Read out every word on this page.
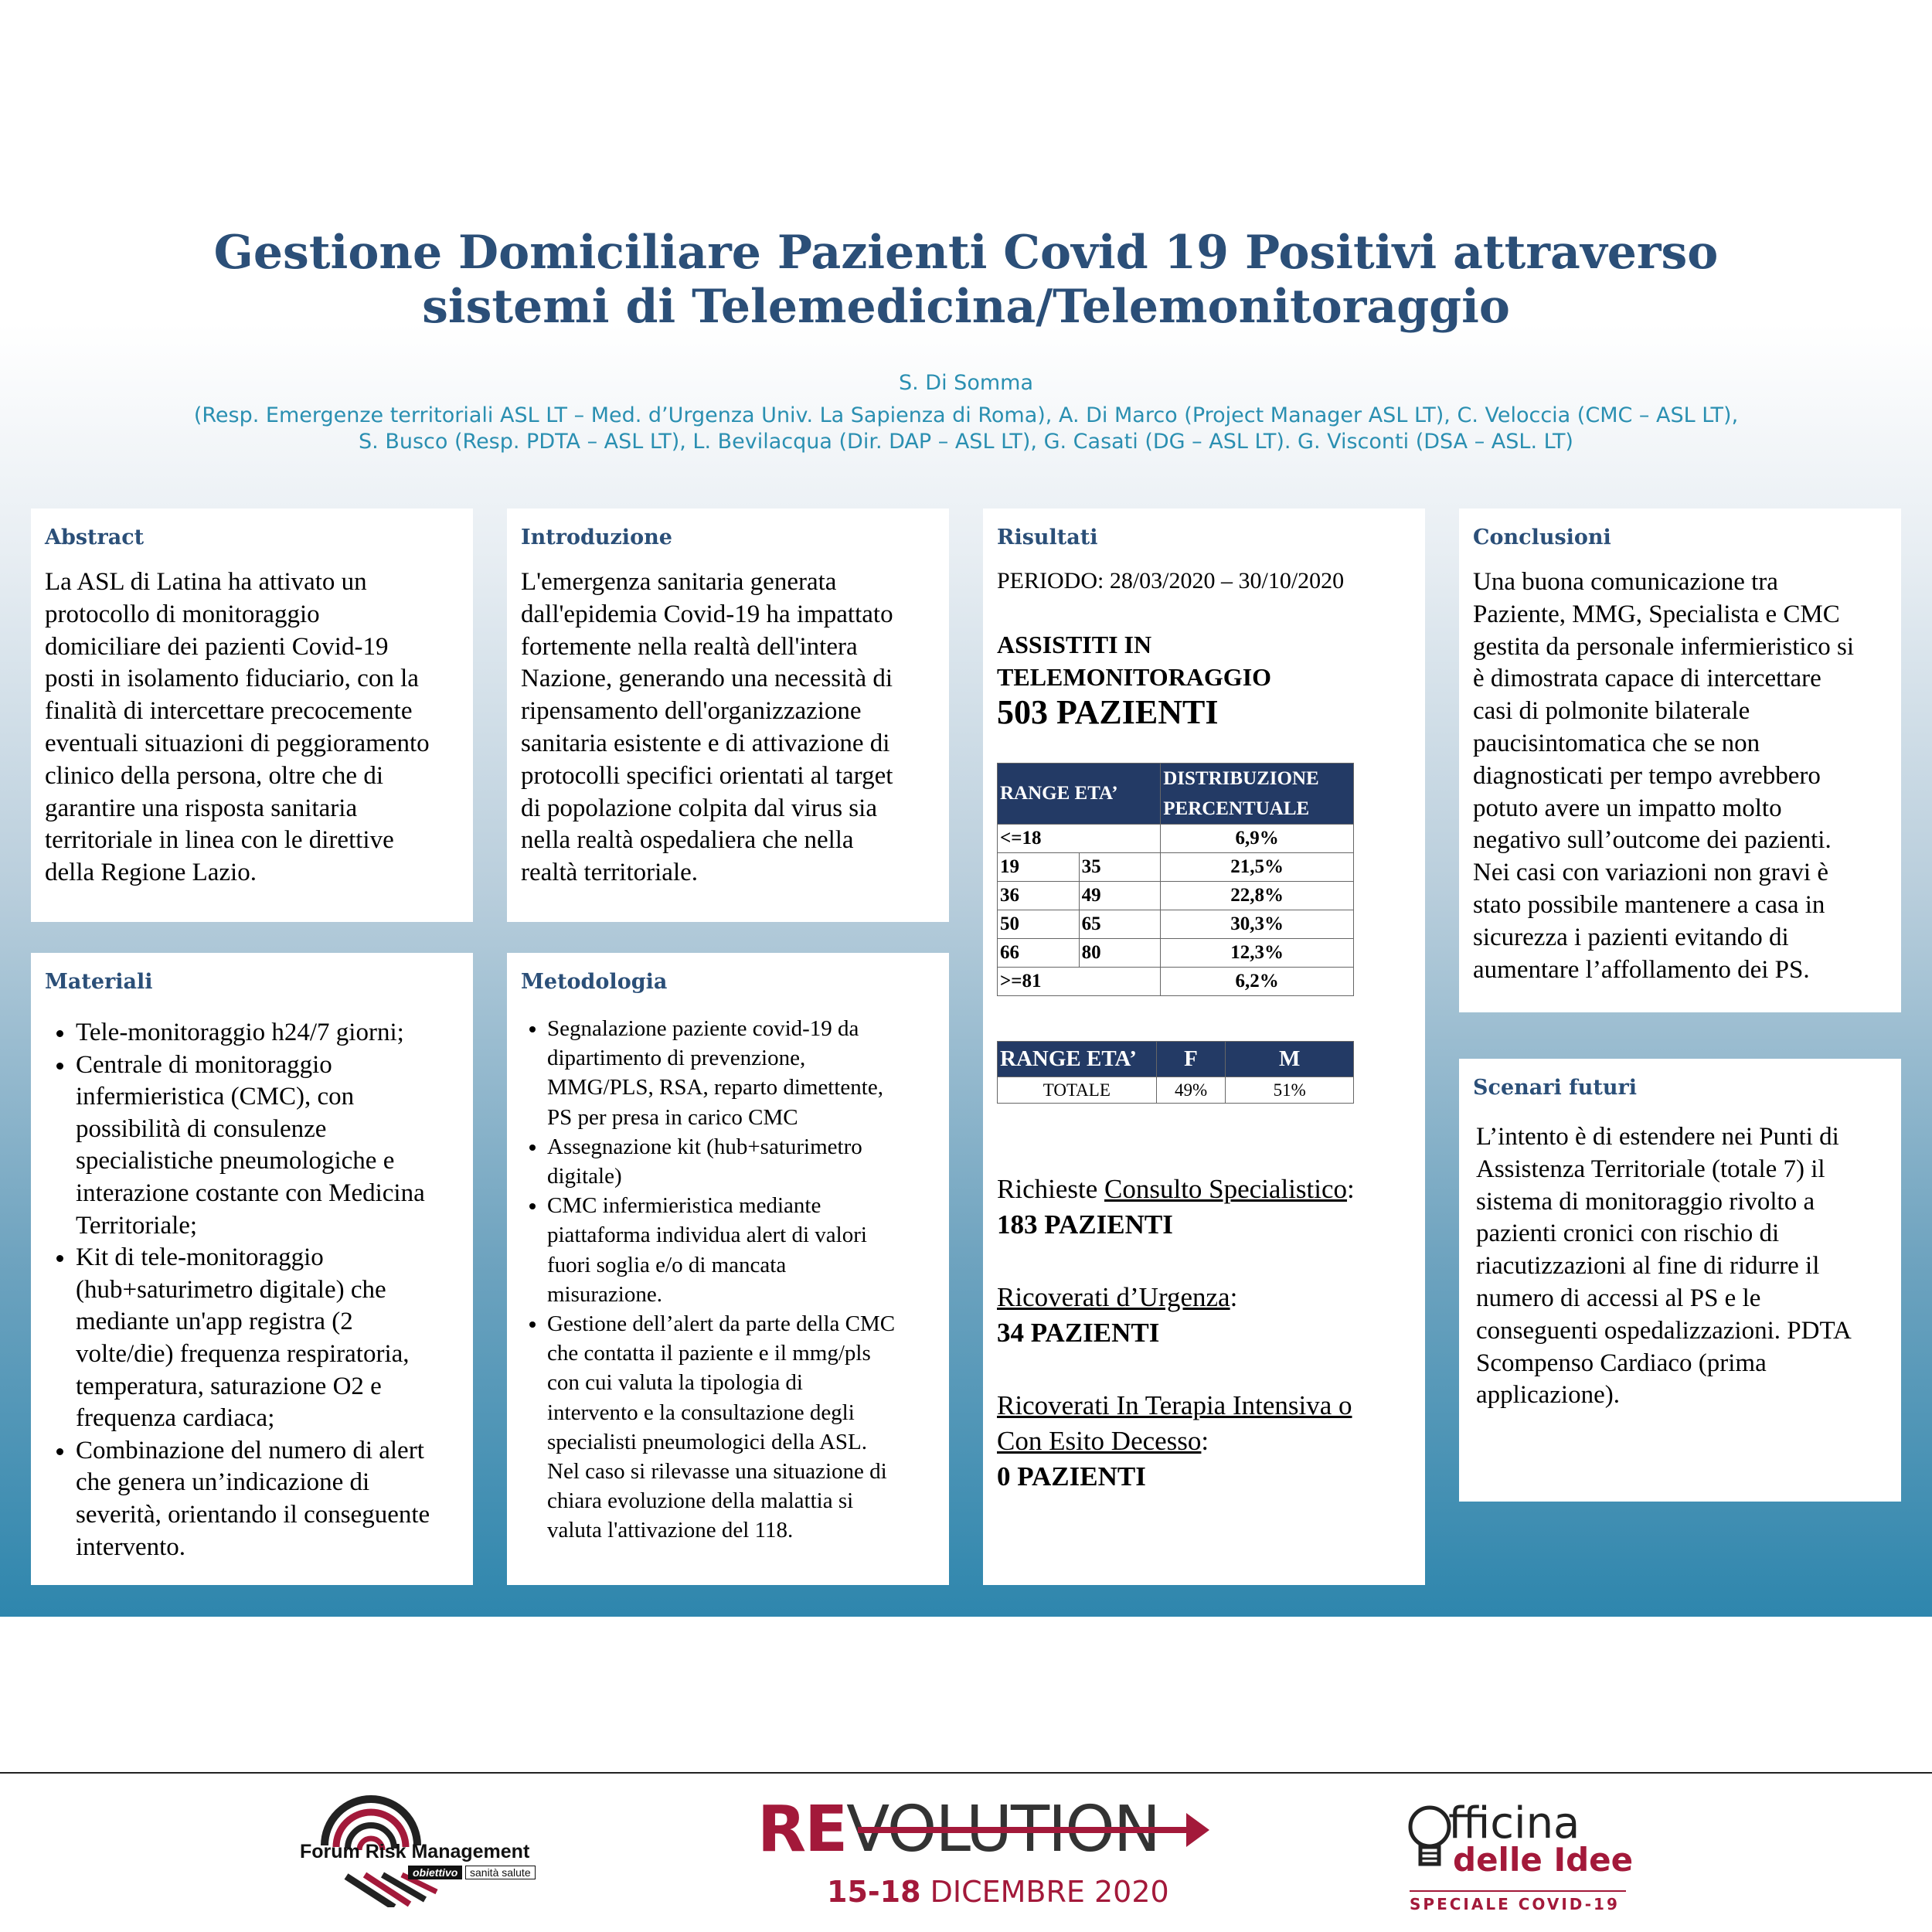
Gestione Domiciliare Pazienti Covid 19 Positivi attraverso
sistemi di Telemedicina/Telemonitoraggio
S. Di Somma
(Resp. Emergenze territoriali ASL LT – Med. d’Urgenza Univ. La Sapienza di Roma), A. Di Marco (Project Manager ASL LT), C. Veloccia (CMC – ASL LT),
S. Busco (Resp. PDTA – ASL LT), L. Bevilacqua (Dir. DAP – ASL LT), G. Casati (DG – ASL LT). G. Visconti (DSA – ASL. LT)
Abstract
La ASL di Latina ha attivato un
protocollo di monitoraggio
domiciliare dei pazienti Covid-19
posti in isolamento fiduciario, con la
finalità di intercettare precocemente
eventuali situazioni di peggioramento
clinico della persona, oltre che di
garantire una risposta sanitaria
territoriale in linea con le direttive
della Regione Lazio.
Introduzione
L'emergenza sanitaria generata
dall'epidemia Covid-19 ha impattato
fortemente nella realtà dell'intera
Nazione, generando una necessità di
ripensamento dell'organizzazione
sanitaria esistente e di attivazione di
protocolli specifici orientati al target
di popolazione colpita dal virus sia
nella realtà ospedaliera che nella
realtà territoriale.
Risultati
PERIODO: 28/03/2020 – 30/10/2020
ASSISTITI IN
TELEMONITORAGGIO
503 PAZIENTI
RANGE ETA’		DISTRIBUZIONE
PERCENTUALE

<=18		6,9%
19	35	21,5%
36	49	22,8%
50	65	30,3%
66	80	12,3%
>=81		6,2%
RANGE ETA’	F	M
TOTALE	49%	51%
Richieste Consulto Specialistico:
183 PAZIENTI
Ricoverati d’Urgenza:
34 PAZIENTI
Ricoverati In Terapia Intensiva o
Con Esito Decesso:
0 PAZIENTI
Conclusioni
Una buona comunicazione tra
Paziente, MMG, Specialista e CMC
gestita da personale infermieristico si
è dimostrata capace di intercettare
casi di polmonite bilaterale
paucisintomatica che se non
diagnosticati per tempo avrebbero
potuto avere un impatto molto
negativo sull’outcome dei pazienti.
Nei casi con variazioni non gravi è
stato possibile mantenere a casa in
sicurezza i pazienti evitando di
aumentare l’affollamento dei PS.
Materiali
• Tele-monitoraggio h24/7 giorni;
• Centrale di monitoraggio
infermieristica (CMC), con
possibilità di consulenze
specialistiche pneumologiche e
interazione costante con Medicina
Territoriale;
• Kit di tele-monitoraggio
(hub+saturimetro digitale) che
mediante un'app registra (2
volte/die) frequenza respiratoria,
temperatura, saturazione O2 e
frequenza cardiaca;
• Combinazione del numero di alert
che genera un’indicazione di
severità, orientando il conseguente
intervento.
Metodologia
• Segnalazione paziente covid-19 da
dipartimento di prevenzione,
MMG/PLS, RSA, reparto dimettente,
PS per presa in carico CMC
• Assegnazione kit (hub+saturimetro
digitale)
• CMC infermieristica mediante
piattaforma individua alert di valori
fuori soglia e/o di mancata
misurazione.
• Gestione dell’alert da parte della CMC
che contatta il paziente e il mmg/pls
con cui valuta la tipologia di
intervento e la consultazione degli
specialisti pneumologici della ASL.
Nel caso si rilevasse una situazione di
chiara evoluzione della malattia si
valuta l'attivazione del 118.
Scenari futuri
L’intento è di estendere nei Punti di
Assistenza Territoriale (totale 7) il
sistema di monitoraggio rivolto a
pazienti cronici con rischio di
riacutizzazioni al fine di ridurre il
numero di accessi al PS e le
conseguenti ospedalizzazioni. PDTA
Scompenso Cardiaco (prima
applicazione).
Forum Risk Management
obiettivo	sanità salute
REVOLUTION
15-18 DICEMBRE 2020
fficina
delle Idee
SPECIALE COVID-19
